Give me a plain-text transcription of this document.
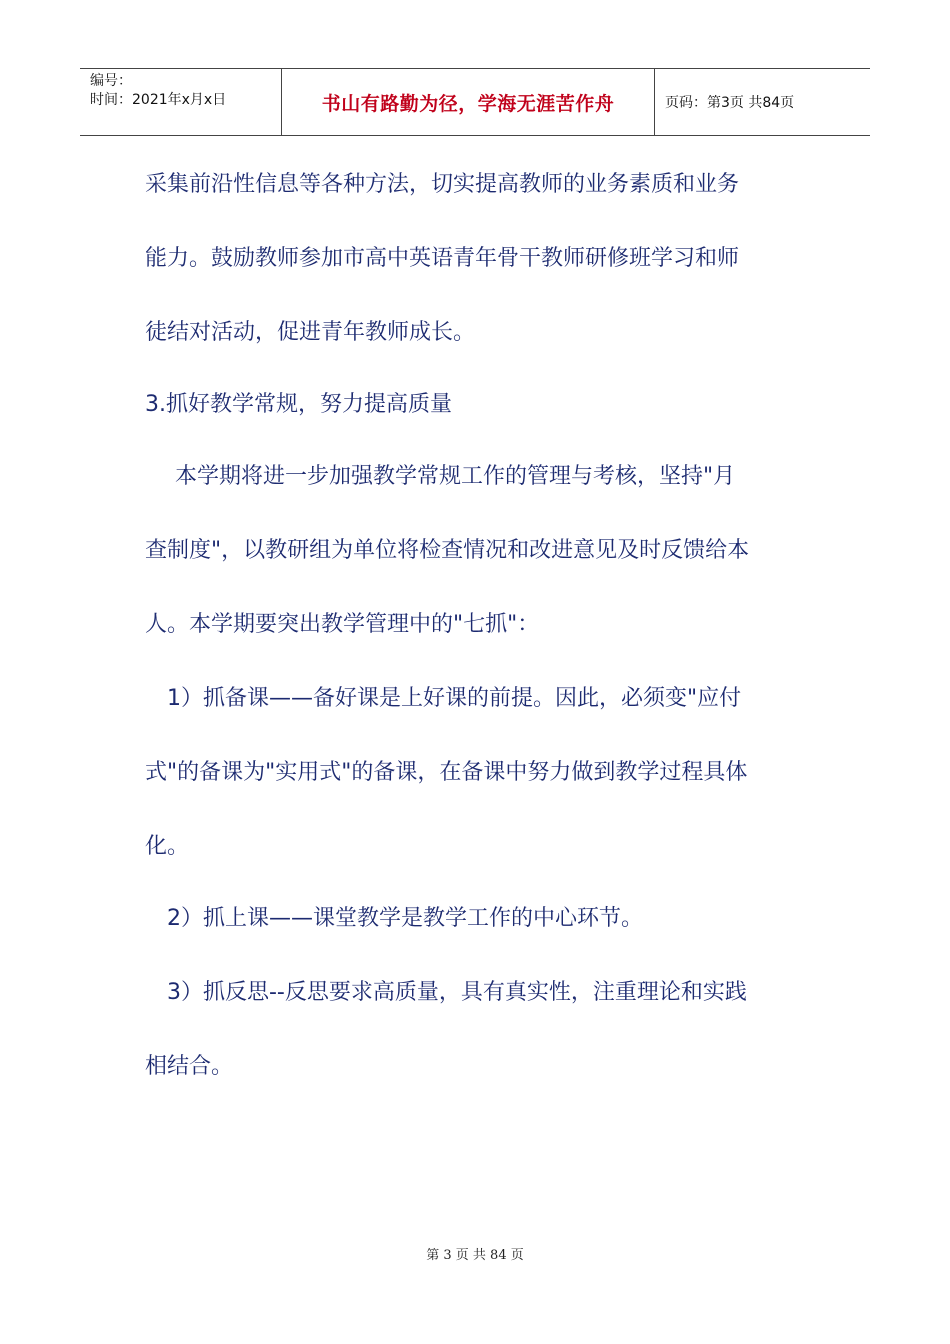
编号：
时间：2021年x月x日	书山有路勤为径，学海无涯苦作舟	页码：第3页 共84页
采集前沿性信息等各种方法，切实提高教师的业务素质和业务
能力。鼓励教师参加市高中英语青年骨干教师研修班学习和师
徒结对活动，促进青年教师成长。
3.抓好教学常规，努力提高质量
本学期将进一步加强教学常规工作的管理与考核，坚持"月
查制度"，以教研组为单位将检查情况和改进意见及时反馈给本
人。本学期要突出教学管理中的"七抓"：
1）抓备课——备好课是上好课的前提。因此，必须变"应付
式"的备课为"实用式"的备课，在备课中努力做到教学过程具体
化。
2）抓上课——课堂教学是教学工作的中心环节。
3）抓反思--反思要求高质量，具有真实性，注重理论和实践
相结合。
第 3 页 共 84 页
